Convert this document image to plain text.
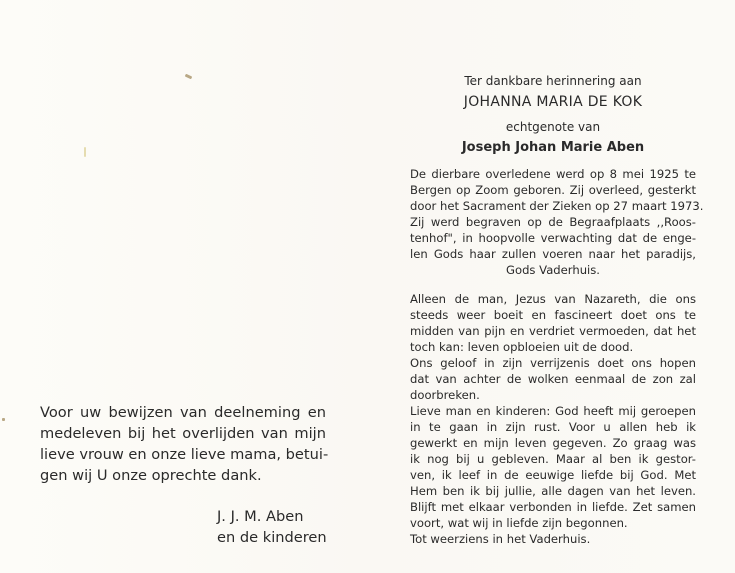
Voor uw bewijzen van deelneming en
medeleven bij het overlijden van mijn
lieve vrouw en onze lieve mama, betui-
gen wij U onze oprechte dank.
J. J. M. Aben
en de kinderen
Ter dankbare herinnering aan
JOHANNA MARIA DE KOK
echtgenote van
Joseph Johan Marie Aben
De dierbare overledene werd op 8 mei 1925 te
Bergen op Zoom geboren. Zij overleed, gesterkt
door het Sacrament der Zieken op 27 maart 1973.
Zij werd begraven op de Begraafplaats ,,Roos-
tenhof", in hoopvolle verwachting dat de enge-
len Gods haar zullen voeren naar het paradijs,
Gods Vaderhuis.
Alleen de man, Jezus van Nazareth, die ons
steeds weer boeit en fascineert doet ons te
midden van pijn en verdriet vermoeden, dat het
toch kan: leven opbloeien uit de dood.
Ons geloof in zijn verrijzenis doet ons hopen
dat van achter de wolken eenmaal de zon zal
doorbreken.
Lieve man en kinderen: God heeft mij geroepen
in te gaan in zijn rust. Voor u allen heb ik
gewerkt en mijn leven gegeven. Zo graag was
ik nog bij u gebleven. Maar al ben ik gestor-
ven, ik leef in de eeuwige liefde bij God. Met
Hem ben ik bij jullie, alle dagen van het leven.
Blijft met elkaar verbonden in liefde. Zet samen
voort, wat wij in liefde zijn begonnen.
Tot weerziens in het Vaderhuis.
